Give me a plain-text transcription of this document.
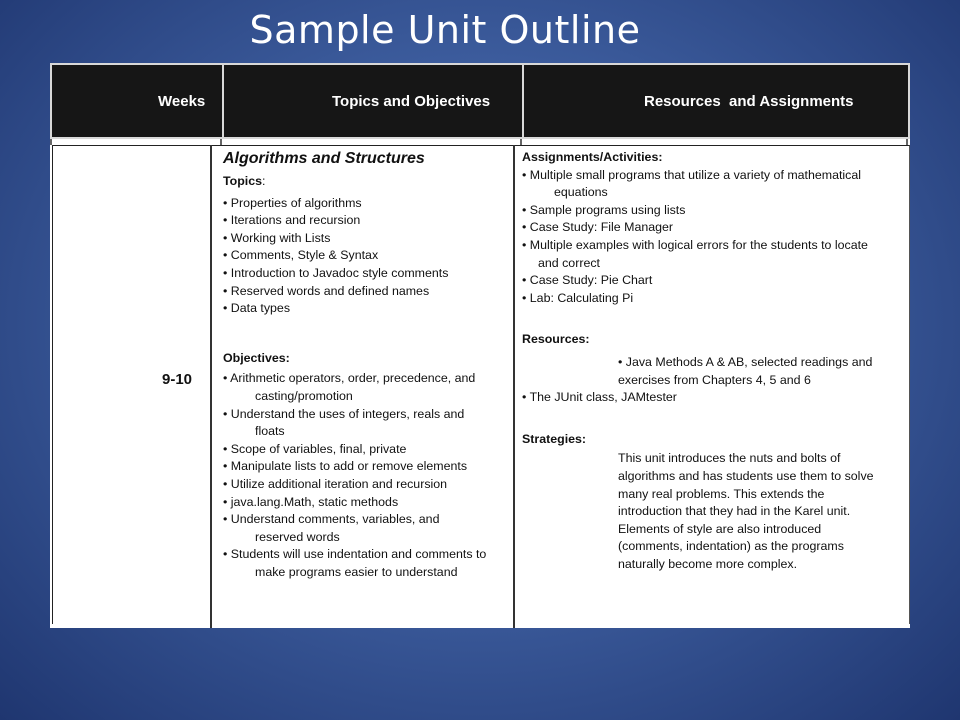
Sample Unit Outline
Weeks	Topics and Objectives	Resources  and Assignments
9-10
Algorithms and Structures
Topics:
• Properties of algorithms
• Iterations and recursion
• Working with Lists
• Comments, Style & Syntax
• Introduction to Javadoc style comments
• Reserved words and defined names
• Data types
Objectives:
• Arithmetic operators, order, precedence, and
casting/promotion
• Understand the uses of integers, reals and
floats
• Scope of variables, final, private
• Manipulate lists to add or remove elements
• Utilize additional iteration and recursion
• java.lang.Math, static methods
• Understand comments, variables, and
reserved words
• Students will use indentation and comments to
make programs easier to understand
Assignments/Activities:
• Multiple small programs that utilize a variety of mathematical
equations
• Sample programs using lists
• Case Study: File Manager
• Multiple examples with logical errors for the students to locate
and correct
• Case Study: Pie Chart
• Lab: Calculating Pi
Resources:
• Java Methods A & AB, selected readings and
exercises from Chapters 4, 5 and 6
• The JUnit class, JAMtester
Strategies:
This unit introduces the nuts and bolts of
algorithms and has students use them to solve
many real problems. This extends the
introduction that they had in the Karel unit.
Elements of style are also introduced
(comments, indentation) as the programs
naturally become more complex.
